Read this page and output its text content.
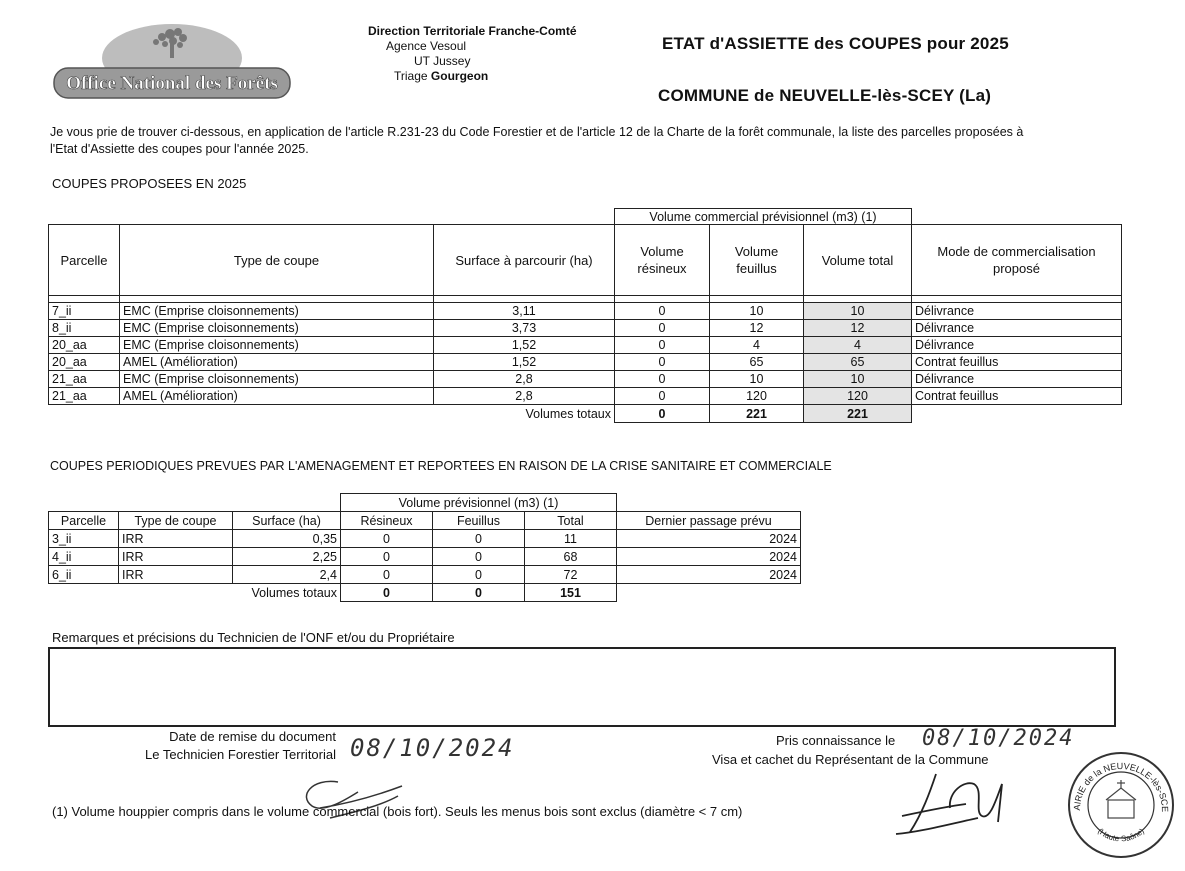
Office National des Forêts
Direction Territoriale Franche-Comté
Agence Vesoul
UT Jussey
Triage Gourgeon
ETAT d'ASSIETTE des COUPES pour 2025
COMMUNE de NEUVELLE-lès-SCEY (La)
Je vous prie de trouver ci-dessous, en application de l'article R.231-23 du Code Forestier et de l'article 12 de la Charte de la forêt communale, la liste des parcelles proposées à
l'Etat d'Assiette des coupes pour l'année 2025.
COUPES PROPOSEES EN 2025
			Volume commercial prévisionnel (m3) (1)			
Parcelle	Type de coupe	Surface à parcourir (ha)	Volume
résineux	Volume
feuillus	Volume total	Mode de commercialisation
proposé

7_ii	EMC (Emprise cloisonnements)	3,11	0	10	10	Délivrance
8_ii	EMC (Emprise cloisonnements)	3,73	0	12	12	Délivrance
20_aa	EMC (Emprise cloisonnements)	1,52	0	4	4	Délivrance
20_aa	AMEL (Amélioration)	1,52	0	65	65	Contrat feuillus
21_aa	EMC (Emprise cloisonnements)	2,8	0	10	10	Délivrance
21_aa	AMEL (Amélioration)	2,8	0	120	120	Contrat feuillus
		Volumes totaux	0	221	221	
COUPES PERIODIQUES PREVUES PAR L'AMENAGEMENT ET REPORTEES EN RAISON DE LA CRISE SANITAIRE ET COMMERCIALE
			Volume prévisionnel (m3) (1)			
Parcelle	Type de coupe	Surface (ha)	Résineux	Feuillus	Total	Dernier passage prévu
3_ii	IRR	0,35	0	0	11	2024
4_ii	IRR	2,25	0	0	68	2024
6_ii	IRR	2,4	0	0	72	2024
		Volumes totaux	0	0	151	
Remarques et précisions du Technicien de l'ONF et/ou du Propriétaire
Date de remise du document
Le Technicien Forestier Territorial 08/10/2024	Pris connaissance le 08/10/2024
Visa et cachet du Représentant de la Commune
(1) Volume houppier compris dans le volume commercial (bois fort). Seuls les menus bois sont exclus (diamètre < 7 cm)	AIRIE de la NEUVELLE-lès-SCE
(Haute Saône)
